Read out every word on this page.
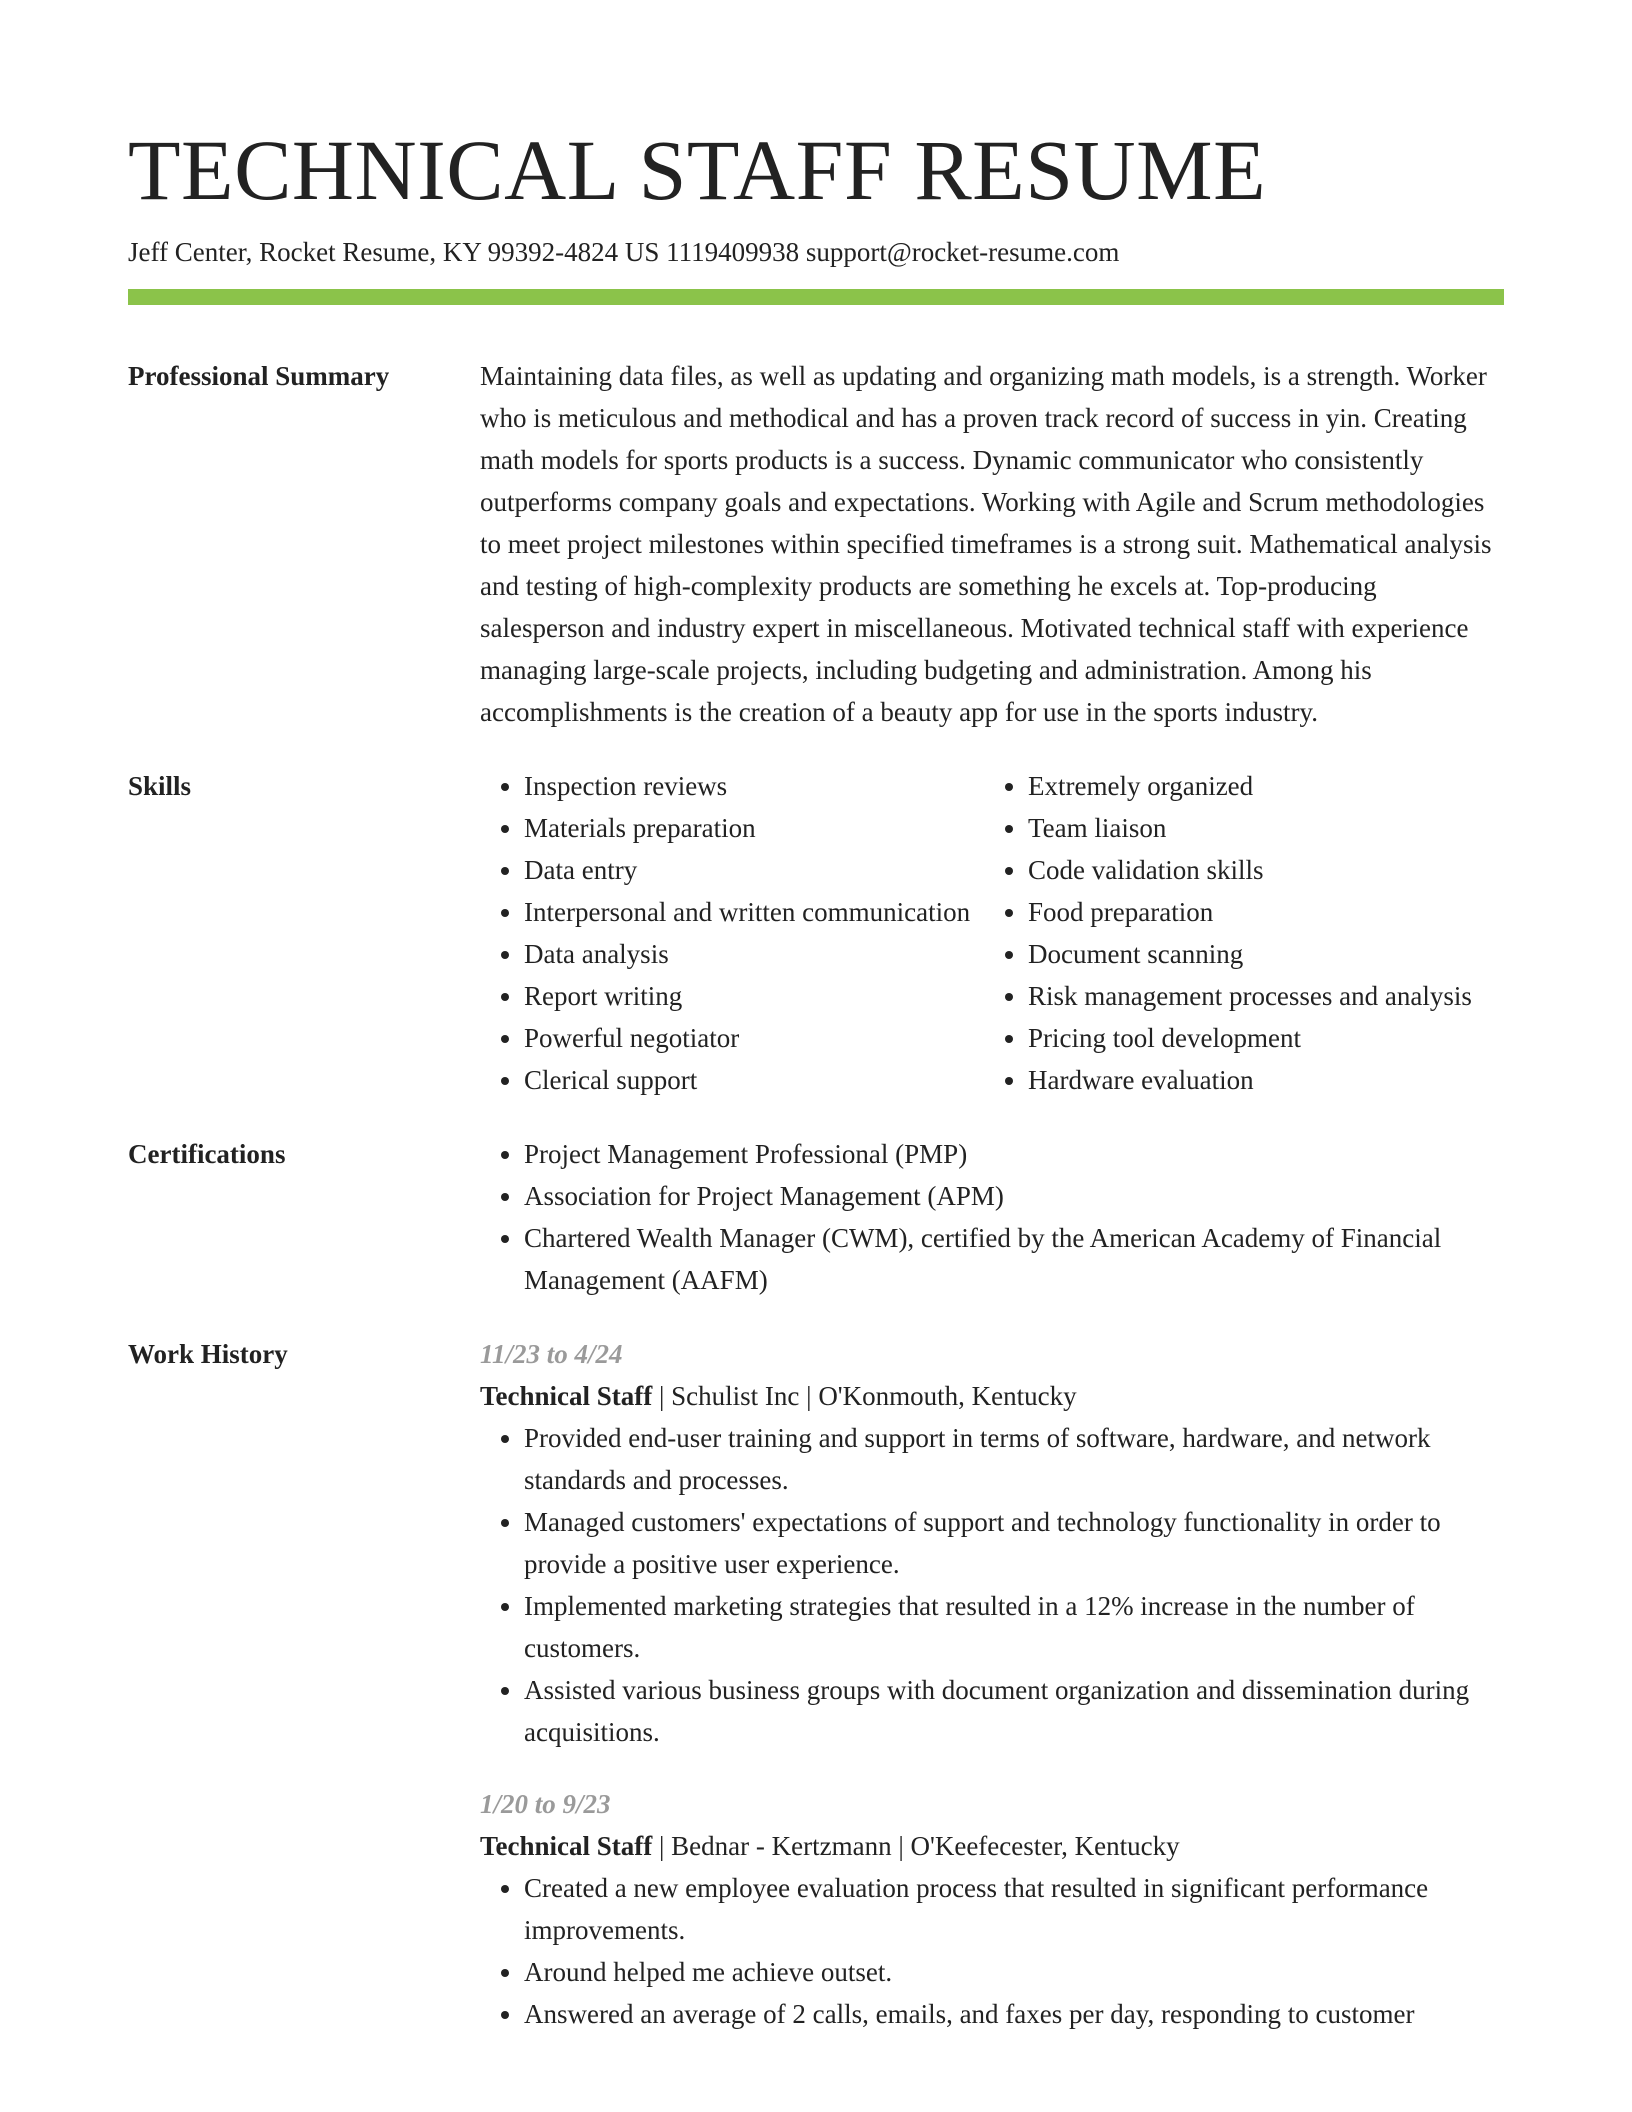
TECHNICAL STAFF RESUME
Jeff Center, Rocket Resume, KY 99392-4824 US 1119409938 support@rocket-resume.com
Professional Summary	Maintaining data files, as well as updating and organizing math models, is a strength. Worker who is meticulous and methodical and has a proven track record of success in yin. Creating math models for sports products is a success. Dynamic communicator who consistently outperforms company goals and expectations. Working with Agile and Scrum methodologies to meet project milestones within specified timeframes is a strong suit. Mathematical analysis and testing of high-complexity products are something he excels at. Top-producing salesperson and industry expert in miscellaneous. Motivated technical staff with experience managing large-scale projects, including budgeting and administration. Among his accomplishments is the creation of a beauty app for use in the sports industry.

Skills	• Inspection reviews
• Materials preparation
• Data entry
• Interpersonal and written communication
• Data analysis
• Report writing
• Powerful negotiator
• Clerical support
• Extremely organized
• Team liaison
• Code validation skills
• Food preparation
• Document scanning
• Risk management processes and analysis
• Pricing tool development
• Hardware evaluation
Certifications	• Project Management Professional (PMP)
• Association for Project Management (APM)
• Chartered Wealth Manager (CWM), certified by the American Academy of Financial Management (AAFM)
Work History	11/23 to 4/24
Technical Staff | Schulist Inc | O'Konmouth, Kentucky
• Provided end-user training and support in terms of software, hardware, and network standards and processes.
• Managed customers' expectations of support and technology functionality in order to provide a positive user experience.
• Implemented marketing strategies that resulted in a 12% increase in the number of customers.
• Assisted various business groups with document organization and dissemination during acquisitions.
1/20 to 9/23
Technical Staff | Bednar - Kertzmann | O'Keefecester, Kentucky
• Created a new employee evaluation process that resulted in significant performance improvements.
• Around helped me achieve outset.
• Answered an average of 2 calls, emails, and faxes per day, responding to customer
